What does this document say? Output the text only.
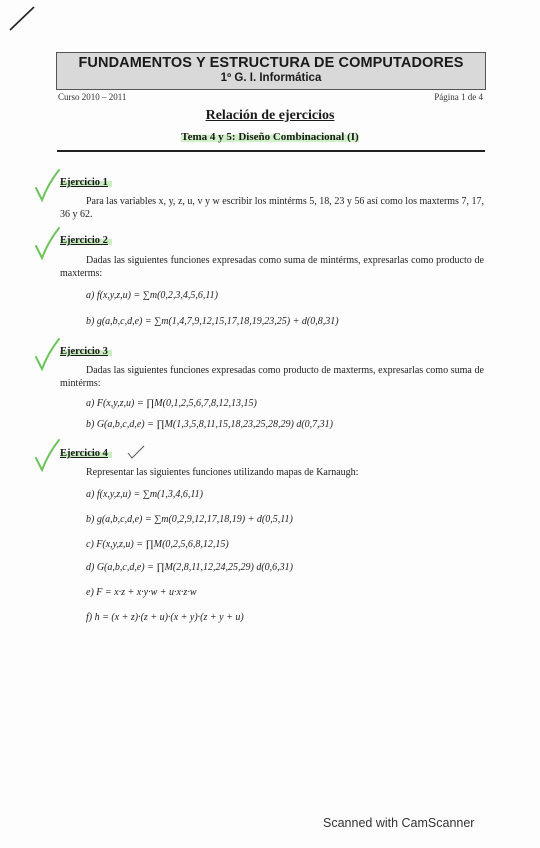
FUNDAMENTOS Y ESTRUCTURA DE COMPUTADORES
1º G. I. Informática
Curso 2010 – 2011	Página 1 de 4
Relación de ejercicios
Tema 4 y 5: Diseño Combinacional (I)
Ejercicio 1
Para las variables x, y, z, u, v y w escribir los mintérms 5, 18, 23 y 56 así como los maxterms 7, 17, 36 y 62.
Ejercicio 2
Dadas las siguientes funciones expresadas como suma de mintérms, expresarlas como producto de maxterms:
a) f(x,y,z,u) = ∑m(0,2,3,4,5,6,11)
b) g(a,b,c,d,e) = ∑m(1,4,7,9,12,15,17,18,19,23,25) + d(0,8,31)
Ejercicio 3
Dadas las siguientes funciones expresadas como producto de maxterms, expresarlas como suma de mintérms:
a) F(x,y,z,u) = ∏M(0,1,2,5,6,7,8,12,13,15)
b) G(a,b,c,d,e) = ∏M(1,3,5,8,11,15,18,23,25,28,29) d(0,7,31)
Ejercicio 4
Representar las siguientes funciones utilizando mapas de Karnaugh:
a) f(x,y,z,u) = ∑m(1,3,4,6,11)
b) g(a,b,c,d,e) = ∑m(0,2,9,12,17,18,19) + d(0,5,11)
c) F(x,y,z,u) = ∏M(0,2,5,6,8,12,15)
d) G(a,b,c,d,e) = ∏M(2,8,11,12,24,25,29) d(0,6,31)
e) F = x·z + x·y·w + u·x·z·w
f) h = (x + z)·(z + u)·(x + y)·(z + y + u)
Scanned with CamScanner
